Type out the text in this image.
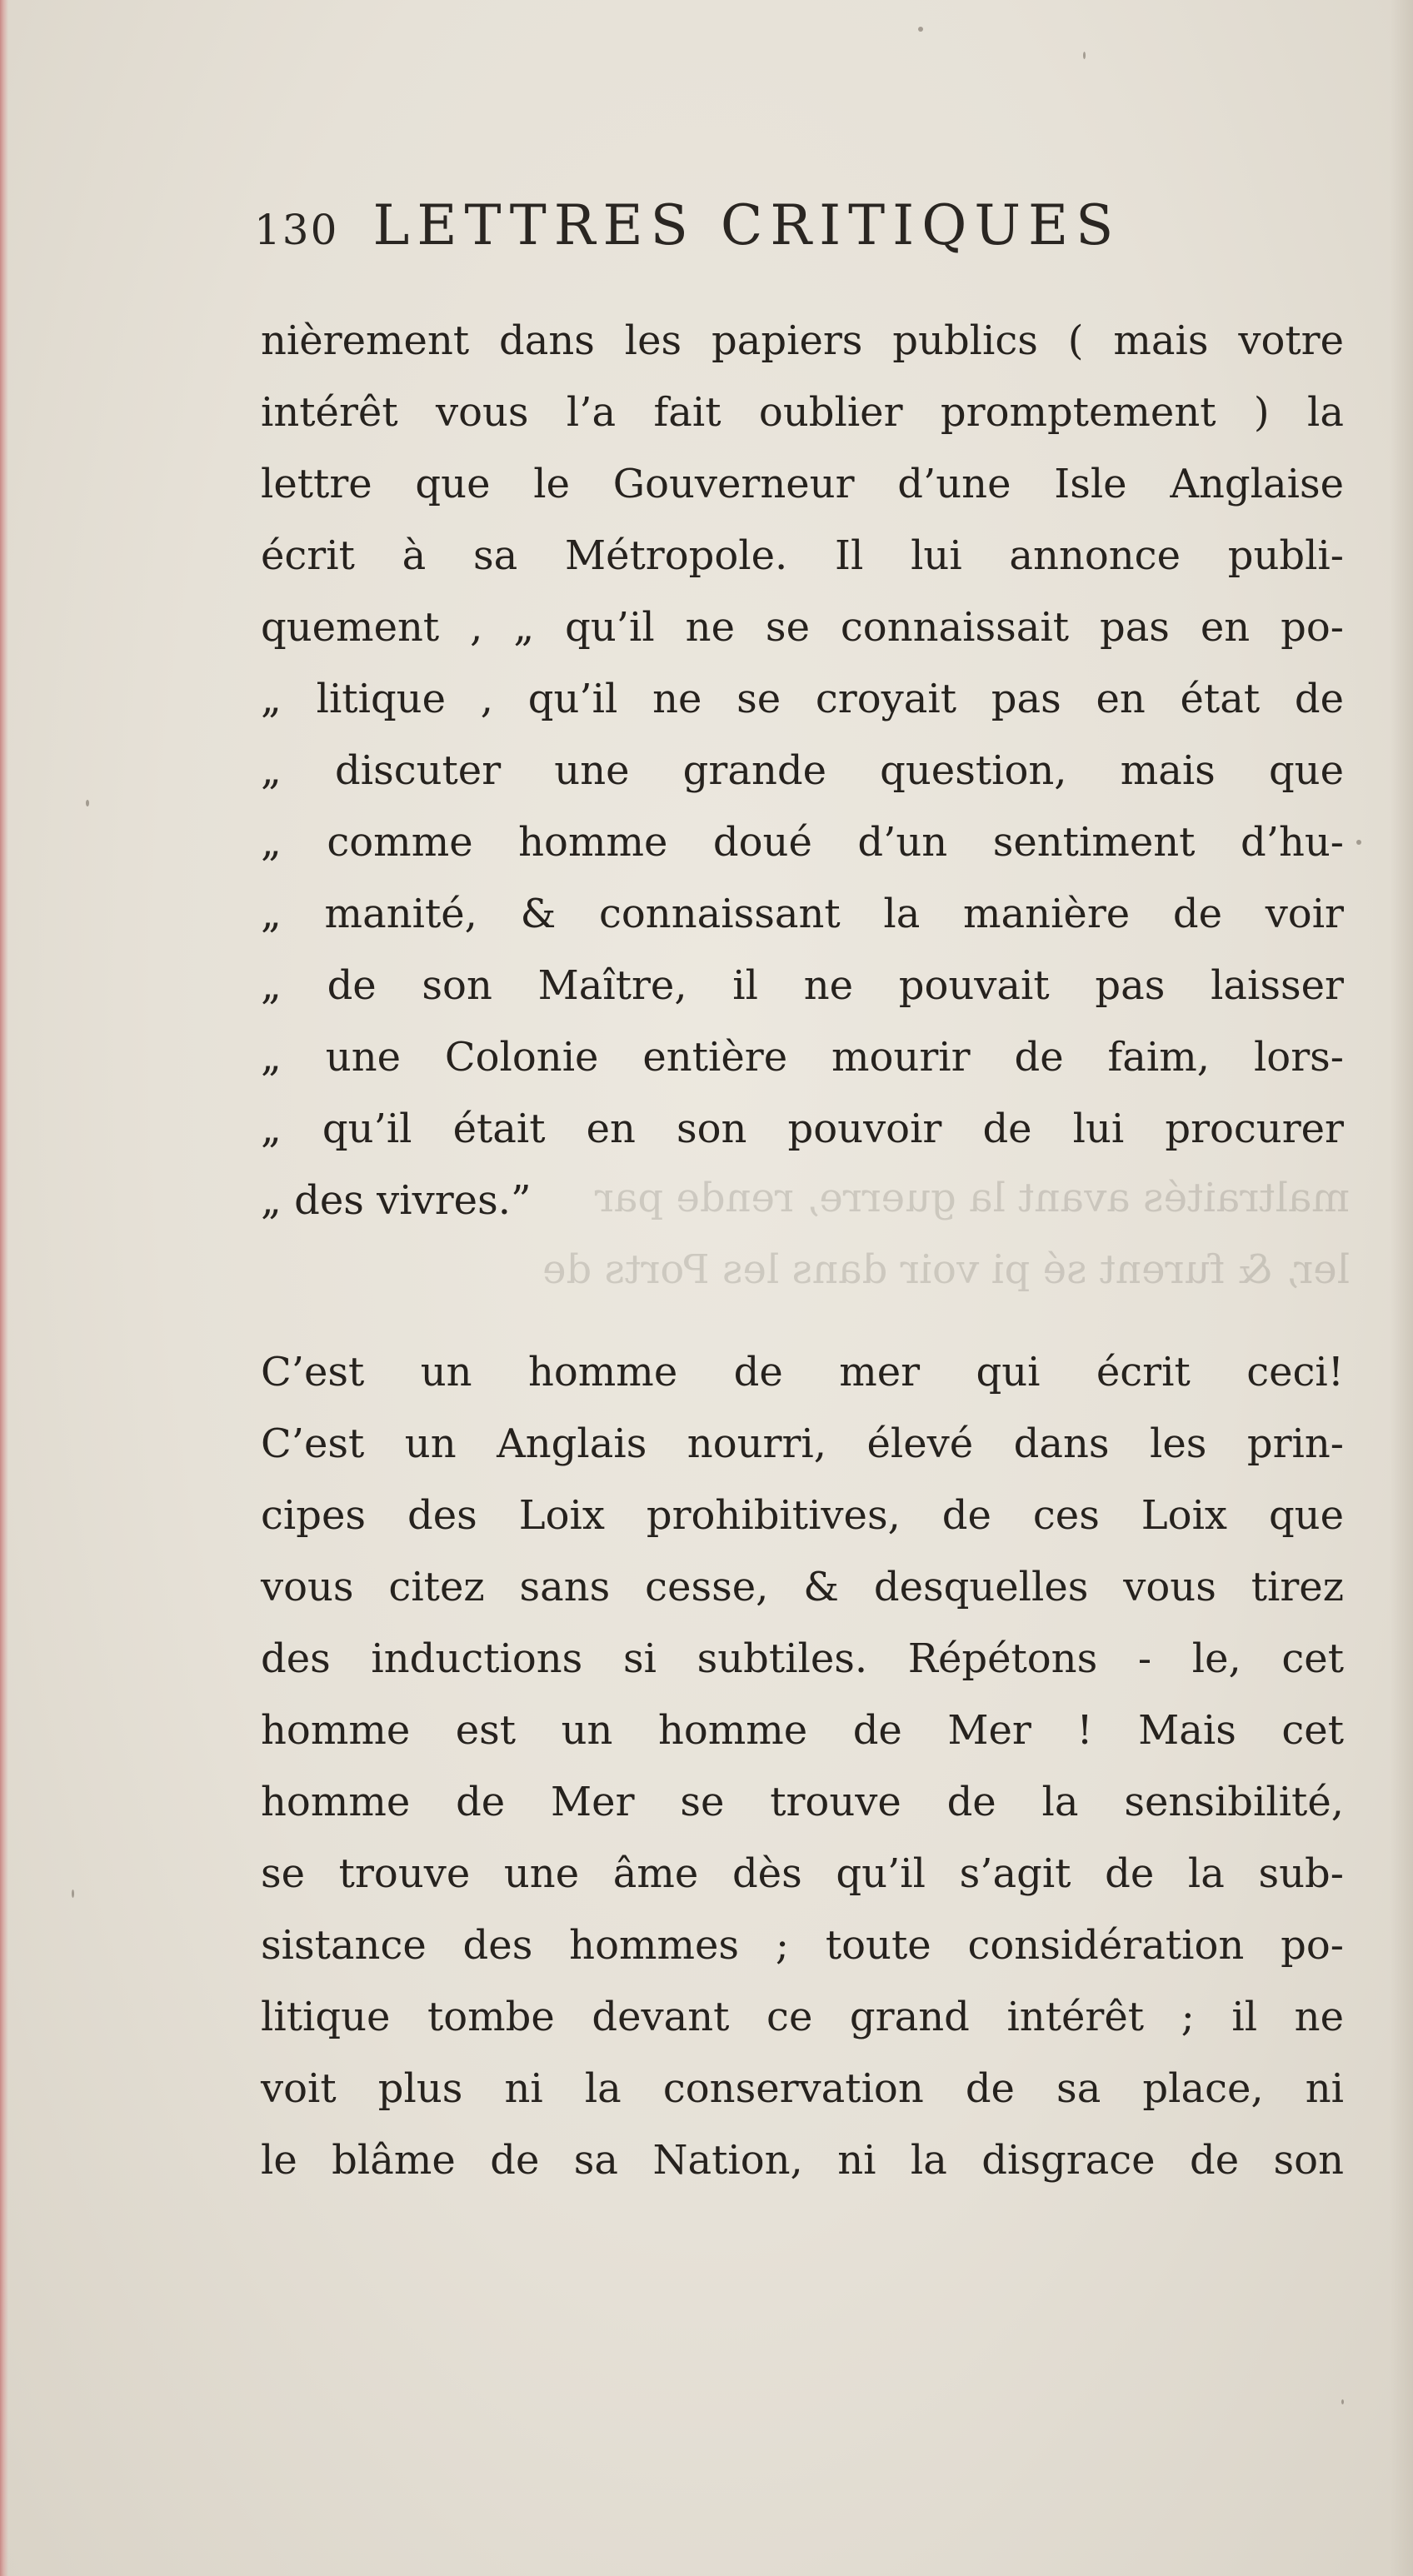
maltraités avant la guerre, rende par
ler, & furent sé pi voir dans les Ports de
130 LETTRES CRITIQUES
nièrement dans les papiers publics ( mais votre
intérêt vous l’a fait oublier promptement ) la
lettre que le Gouverneur d’une Isle Anglaise
écrit à sa Métropole. Il lui annonce publi-
quement , „ qu’il ne se connaissait pas en po-
„ litique , qu’il ne se croyait pas en état de
„ discuter une grande question, mais que
„ comme homme doué d’un sentiment d’hu-
„ manité, & connaissant la manière de voir
„ de son Maître, il ne pouvait pas laisser
„ une Colonie entière mourir de faim, lors-
„ qu’il était en son pouvoir de lui procurer
„ des vivres.”
C’est un homme de mer qui écrit ceci!
C’est un Anglais nourri, élevé dans les prin-
cipes des Loix prohibitives, de ces Loix que
vous citez sans cesse, & desquelles vous tirez
des inductions si subtiles. Répétons - le, cet
homme est un homme de Mer ! Mais cet
homme de Mer se trouve de la sensibilité,
se trouve une âme dès qu’il s’agit de la sub-
sistance des hommes ; toute considération po-
litique tombe devant ce grand intérêt ; il ne
voit plus ni la conservation de sa place, ni
le blâme de sa Nation, ni la disgrace de son
